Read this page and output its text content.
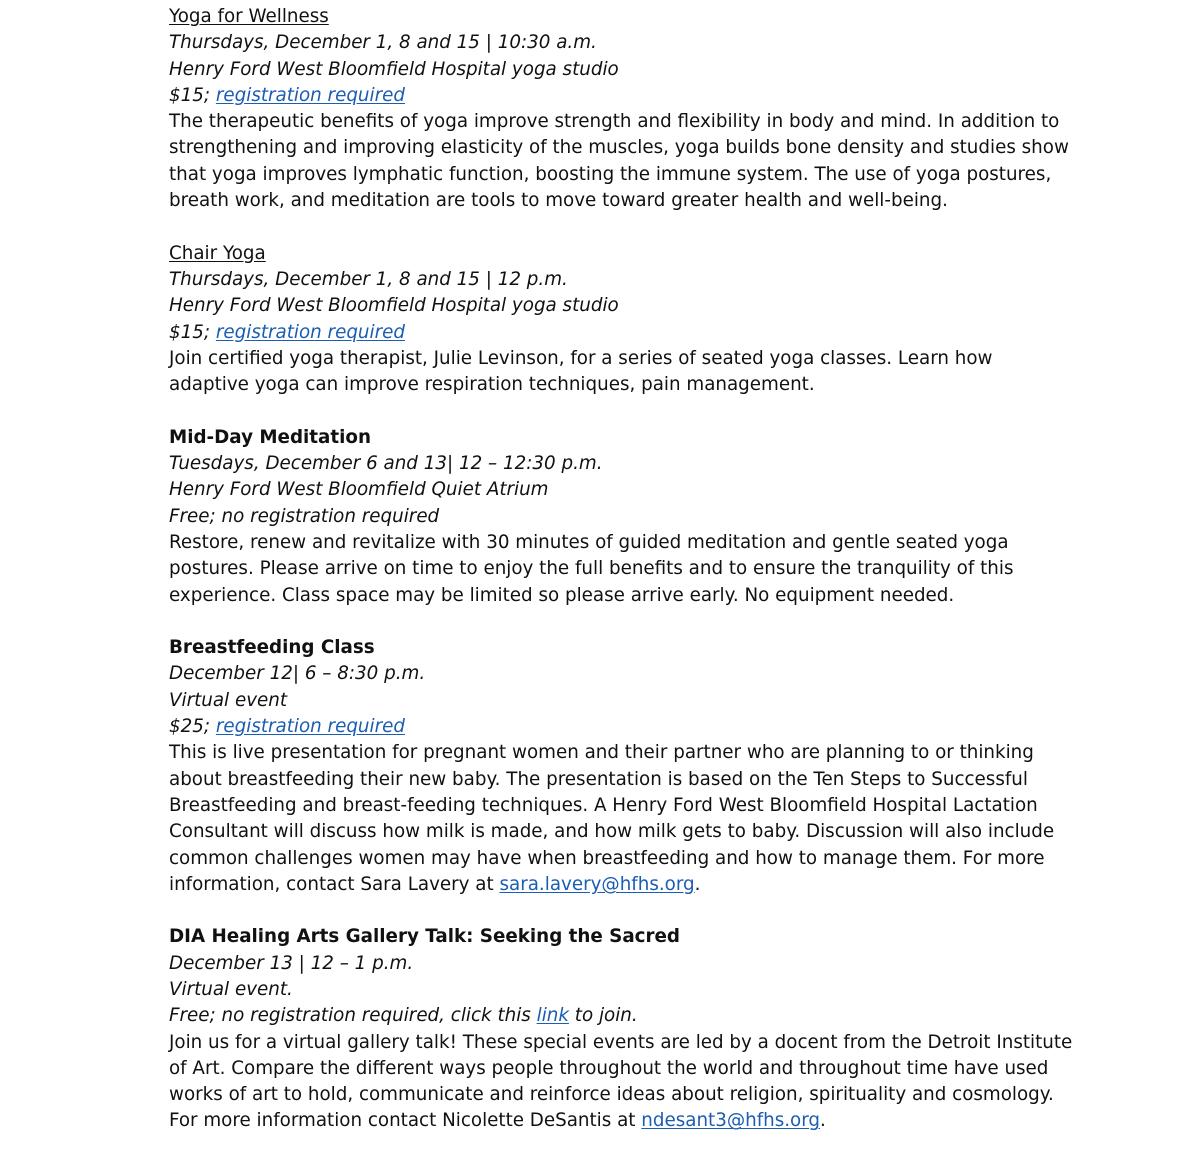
Yoga for Wellness

Thursdays, December 1, 8 and 15 | 10:30 a.m.

Henry Ford West Bloomfield Hospital yoga studio

$15; registration required

The therapeutic benefits of yoga improve strength and flexibility in body and mind. In addition to
strengthening and improving elasticity of the muscles, yoga builds bone density and studies show
that yoga improves lymphatic function, boosting the immune system. The use of yoga postures,
breath work, and meditation are tools to move toward greater health and well-being.

Chair Yoga

Thursdays, December 1, 8 and 15 | 12 p.m.

Henry Ford West Bloomfield Hospital yoga studio

$15; registration required

Join certified yoga therapist, Julie Levinson, for a series of seated yoga classes. Learn how
adaptive yoga can improve respiration techniques, pain management.

Mid-Day Meditation

Tuesdays, December 6 and 13| 12 – 12:30 p.m.

Henry Ford West Bloomfield Quiet Atrium

Free; no registration required

Restore, renew and revitalize with 30 minutes of guided meditation and gentle seated yoga
postures. Please arrive on time to enjoy the full benefits and to ensure the tranquility of this
experience. Class space may be limited so please arrive early. No equipment needed.

Breastfeeding Class

December 12| 6 – 8:30 p.m.

Virtual event

$25; registration required

This is live presentation for pregnant women and their partner who are planning to or thinking
about breastfeeding their new baby. The presentation is based on the Ten Steps to Successful
Breastfeeding and breast-feeding techniques. A Henry Ford West Bloomfield Hospital Lactation
Consultant will discuss how milk is made, and how milk gets to baby. Discussion will also include
common challenges women may have when breastfeeding and how to manage them. For more
information, contact Sara Lavery at sara.lavery@hfhs.org.

DIA Healing Arts Gallery Talk: Seeking the Sacred

December 13 | 12 – 1 p.m.

Virtual event.

Free; no registration required, click this link to join.

Join us for a virtual gallery talk! These special events are led by a docent from the Detroit Institute
of Art. Compare the different ways people throughout the world and throughout time have used
works of art to hold, communicate and reinforce ideas about religion, spirituality and cosmology.
For more information contact Nicolette DeSantis at ndesant3@hfhs.org.
